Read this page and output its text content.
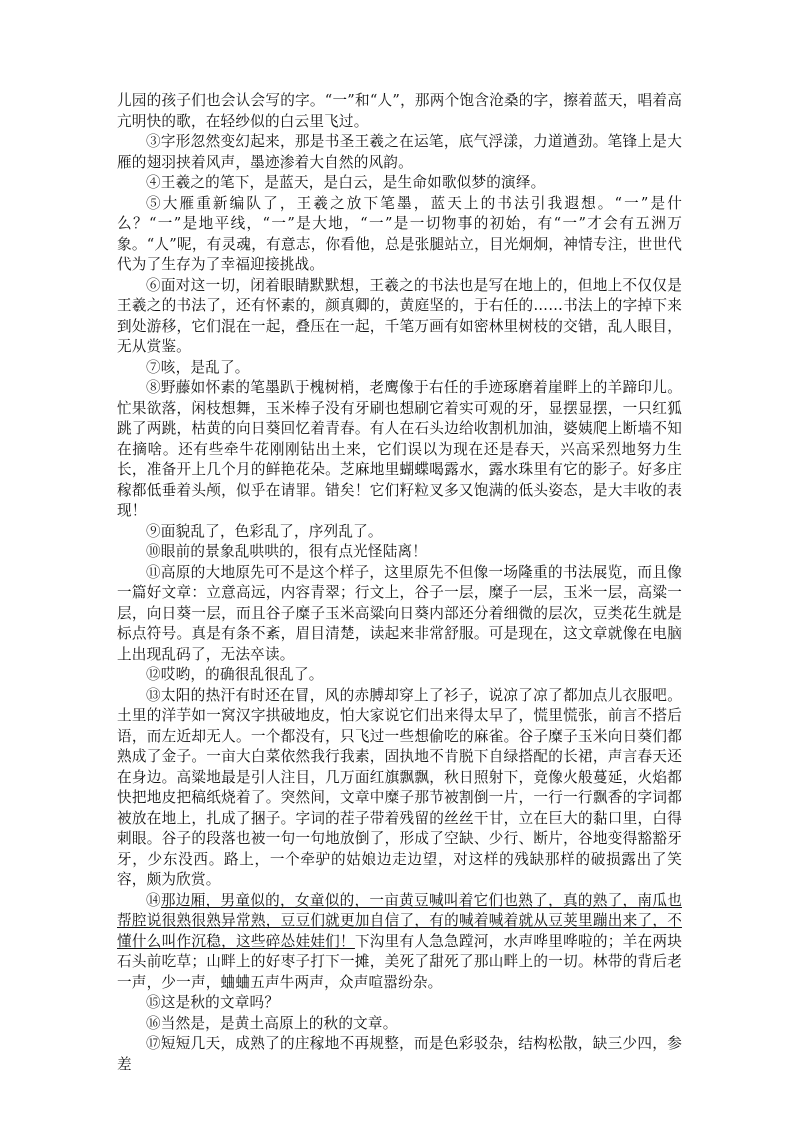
儿园的孩子们也会认会写的字。“一”和“人”，那两个饱含沧桑的字，擦着蓝天，唱着高亢明快的歌，在轻纱似的白云里飞过。

③字形忽然变幻起来，那是书圣王羲之在运笔，底气浮漾，力道遒劲。笔锋上是大雁的翅羽挟着风声，墨迹渗着大自然的风韵。

④王羲之的笔下，是蓝天，是白云，是生命如歌似梦的演绎。

⑤大雁重新编队了，王羲之放下笔墨，蓝天上的书法引我遐想。“一”是什么？“一”是地平线，“一”是大地，“一”是一切物事的初始，有“一”才会有五洲万象。“人”呢，有灵魂，有意志，你看他，总是张腿站立，目光炯炯，神情专注，世世代代为了生存为了幸福迎接挑战。

⑥面对这一切，闭着眼睛默默想，王羲之的书法也是写在地上的，但地上不仅仅是王羲之的书法了，还有怀素的，颜真卿的，黄庭坚的，于右任的……书法上的字掉下来到处游移，它们混在一起，叠压在一起，千笔万画有如密林里树枝的交错，乱人眼目，无从赏鉴。

⑦咳，是乱了。

⑧野藤如怀素的笔墨趴于槐树梢，老鹰像于右任的手迹琢磨着崖畔上的羊蹄印儿。忙果欲落，闲枝想舞，玉米棒子没有牙刷也想刷它着实可观的牙，显摆显摆，一只红狐跳了两跳，枯黄的向日葵回忆着青春。有人在石头边给收割机加油，婆姨爬上断墙不知在摘啥。还有些牵牛花刚刚钻出土来，它们误以为现在还是春天，兴高采烈地努力生长，准备开上几个月的鲜艳花朵。芝麻地里蝴蝶喝露水，露水珠里有它的影子。好多庄稼都低垂着头颅，似乎在请罪。错矣！它们籽粒叉多又饱满的低头姿态，是大丰收的表现！

⑨面貌乱了，色彩乱了，序列乱了。

⑩眼前的景象乱哄哄的，很有点光怪陆离！

⑪高原的大地原先可不是这个样子，这里原先不但像一场隆重的书法展览，而且像一篇好文章：立意高远，内容青翠；行文上，谷子一层，糜子一层，玉米一层，高粱一层，向日葵一层，而且谷子糜子玉米高粱向日葵内部还分着细微的层次，豆类花生就是标点符号。真是有条不紊，眉目清楚，读起来非常舒服。可是现在，这文章就像在电脑上出现乱码了，无法卒读。

⑫哎哟，的确很乱很乱了。

⑬太阳的热汗有时还在冒，风的赤膊却穿上了衫子，说凉了凉了都加点儿衣服吧。土里的洋芋如一窝汉字拱破地皮，怕大家说它们出来得太早了，慌里慌张，前言不搭后语，而左近却无人。一个都没有，只飞过一些想偷吃的麻雀。谷子糜子玉米向日葵们都熟成了金子。一亩大白菜依然我行我素，固执地不肯脱下自绿搭配的长裙，声言春天还在身边。高粱地最是引人注目，几万面红旗飘飘，秋日照射下，竟像火般蔓延，火焰都快把地皮把稿纸烧着了。突然间，文章中糜子那节被割倒一片，一行一行飘香的字词都被放在地上，扎成了捆子。字词的茬子带着残留的丝丝干甘，立在巨大的黏口里，白得刺眼。谷子的段落也被一句一句地放倒了，形成了空缺、少行、断片，谷地变得豁豁牙牙，少东没西。路上，一个牵驴的姑娘边走边望，对这样的残缺那样的破损露出了笑容，颇为欣赏。

⑭那边厢，男童似的，女童似的，一亩黄豆喊叫着它们也熟了，真的熟了，南瓜也帮腔说很熟很熟异常熟，豆豆们就更加自信了，有的喊着喊着就从豆荚里蹦出来了，不懂什么叫作沉稳，这些碎怂娃娃们！下沟里有人急急蹚河，水声哗里哗啦的；羊在两块石头前吃草；山畔上的好枣子打下一摊，美死了甜死了那山畔上的一切。林带的背后老一声，少一声，蛐蛐五声牛两声，众声喧嚣纷杂。

⑮这是秋的文章吗？

⑯当然是，是黄土高原上的秋的文章。

⑰短短几天，成熟了的庄稼地不再规整，而是色彩驳杂，结构松散，缺三少四，参差
